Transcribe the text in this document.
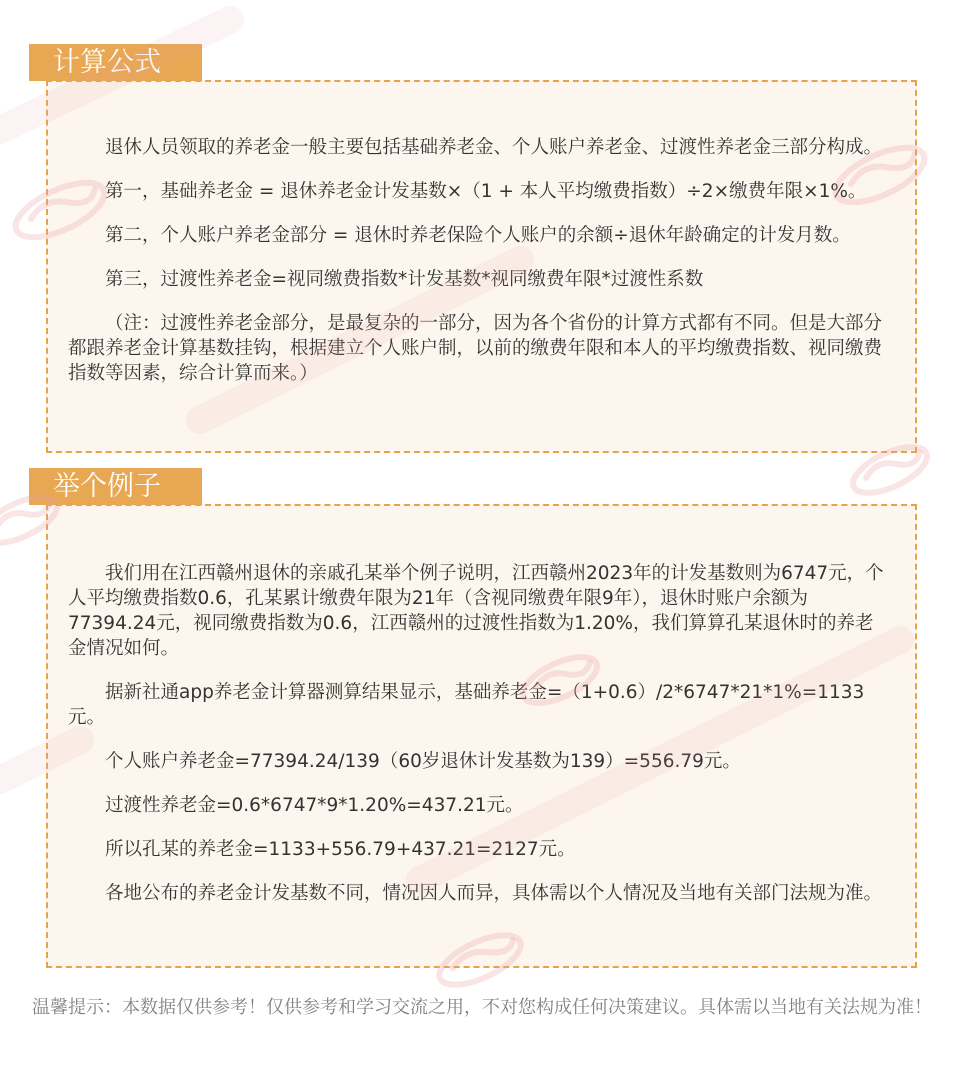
计算公式

退休人员领取的养老金一般主要包括基础养老金、个人账户养老金、过渡性养老金三部分构成。

第一，基础养老金 = 退休养老金计发基数×（1 + 本人平均缴费指数）÷2×缴费年限×1%。

第二，个人账户养老金部分 = 退休时养老保险个人账户的余额÷退休年龄确定的计发月数。

第三，过渡性养老金=视同缴费指数*计发基数*视同缴费年限*过渡性系数

（注：过渡性养老金部分，是最复杂的一部分，因为各个省份的计算方式都有不同。但是大部分都跟养老金计算基数挂钩，根据建立个人账户制，以前的缴费年限和本人的平均缴费指数、视同缴费指数等因素，综合计算而来。）

举个例子

我们用在江西赣州退休的亲戚孔某举个例子说明，江西赣州2023年的计发基数则为6747元，个人平均缴费指数0.6，孔某累计缴费年限为21年（含视同缴费年限9年），退休时账户余额为77394.24元，视同缴费指数为0.6，江西赣州的过渡性指数为1.20%，我们算算孔某退休时的养老金情况如何。

据新社通app养老金计算器测算结果显示，基础养老金=（1+0.6）/2*6747*21*1%=1133元。

个人账户养老金=77394.24/139（60岁退休计发基数为139）=556.79元。

过渡性养老金=0.6*6747*9*1.20%=437.21元。

所以孔某的养老金=1133+556.79+437.21=2127元。

各地公布的养老金计发基数不同，情况因人而异，具体需以个人情况及当地有关部门法规为准。

温馨提示：本数据仅供参考！仅供参考和学习交流之用，不对您构成任何决策建议。具体需以当地有关法规为准！
